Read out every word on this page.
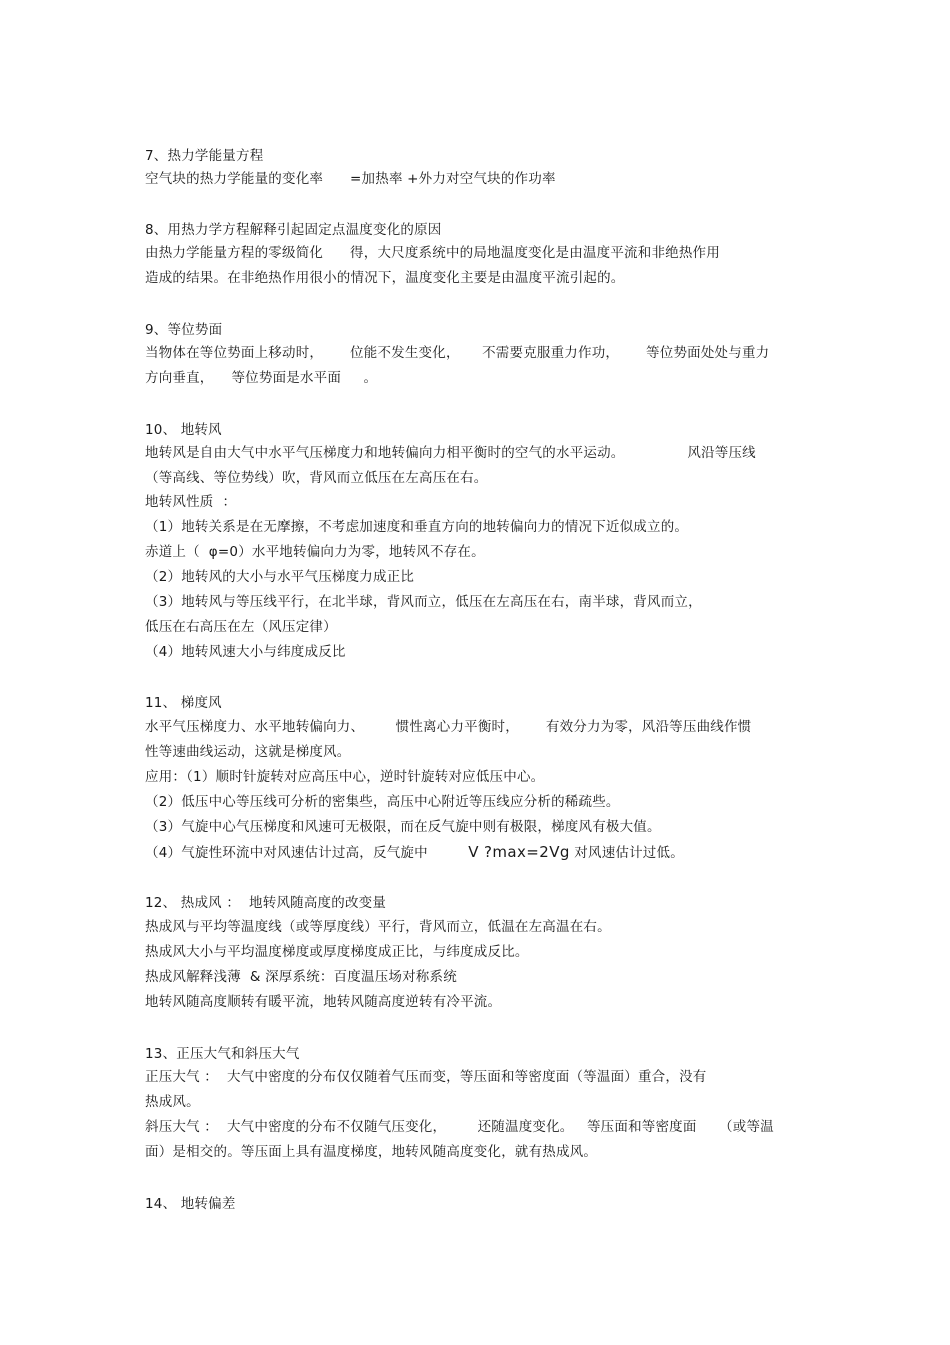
7、热力学能量方程
空气块的热力学能量的变化率      =加热率 +外力对空气块的作功率
8、用热力学方程解释引起固定点温度变化的原因
由热力学能量方程的零级简化      得，大尺度系统中的局地温度变化是由温度平流和非绝热作用
造成的结果。在非绝热作用很小的情况下，温度变化主要是由温度平流引起的。
9、等位势面
当物体在等位势面上移动时，      位能不发生变化，     不需要克服重力作功，      等位势面处处与重力
方向垂直，    等位势面是水平面     。
10、 地转风
地转风是自由大气中水平气压梯度力和地转偏向力相平衡时的空气的水平运动。              风沿等压线
（等高线、等位势线）吹，背风而立低压在左高压在右。
地转风性质  ：
（1）地转关系是在无摩擦，不考虑加速度和垂直方向的地转偏向力的情况下近似成立的。
赤道上（  φ=0）水平地转偏向力为零，地转风不存在。
（2）地转风的大小与水平气压梯度力成正比
（3）地转风与等压线平行，在北半球，背风而立，低压在左高压在右，南半球，背风而立，
低压在右高压在左（风压定律）
（4）地转风速大小与纬度成反比
11、 梯度风
水平气压梯度力、水平地转偏向力、       惯性离心力平衡时，      有效分力为零，风沿等压曲线作惯
性等速曲线运动，这就是梯度风。
应用：（1）顺时针旋转对应高压中心，逆时针旋转对应低压中心。
（2）低压中心等压线可分析的密集些，高压中心附近等压线应分析的稀疏些。
（3）气旋中心气压梯度和风速可无极限，而在反气旋中则有极限，梯度风有极大值。
（4）气旋性环流中对风速估计过高，反气旋中         V ?max=2Vg 对风速估计过低。
12、 热成风 ：  地转风随高度的改变量
热成风与平均等温度线（或等厚度线）平行，背风而立，低温在左高温在右。
热成风大小与平均温度梯度或厚度梯度成正比，与纬度成反比。
热成风解释浅薄  & 深厚系统：百度温压场对称系统
地转风随高度顺转有暖平流，地转风随高度逆转有冷平流。
13、正压大气和斜压大气
正压大气 ：  大气中密度的分布仅仅随着气压而变，等压面和等密度面（等温面）重合，没有
热成风。
斜压大气 ：  大气中密度的分布不仅随气压变化，       还随温度变化。   等压面和等密度面     （或等温
面）是相交的。等压面上具有温度梯度，地转风随高度变化，就有热成风。
14、 地转偏差
